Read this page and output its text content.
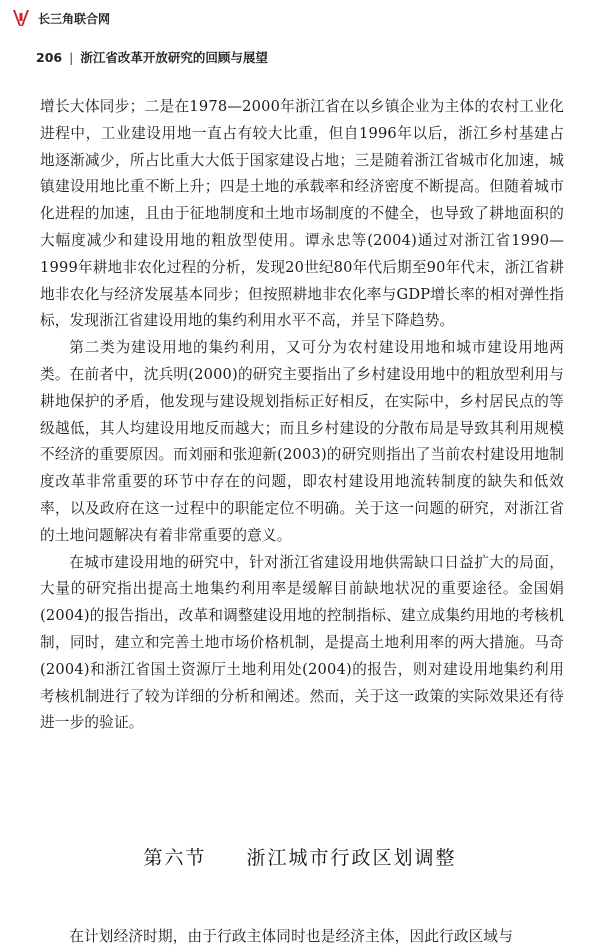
长三角联合网
206 | 浙江省改革开放研究的回顾与展望

增长大体同步；二是在1978—2000年浙江省在以乡镇企业为主体的农村工业化进程中，工业建设用地一直占有较大比重，但自1996年以后，浙江乡村基建占地逐渐减少，所占比重大大低于国家建设占地；三是随着浙江省城市化加速，城镇建设用地比重不断上升；四是土地的承载率和经济密度不断提高。但随着城市化进程的加速，且由于征地制度和土地市场制度的不健全，也导致了耕地面积的大幅度减少和建设用地的粗放型使用。谭永忠等(2004)通过对浙江省1990—1999年耕地非农化过程的分析，发现20世纪80年代后期至90年代末，浙江省耕地非农化与经济发展基本同步；但按照耕地非农化率与GDP增长率的相对弹性指标，发现浙江省建设用地的集约利用水平不高，并呈下降趋势。

第二类为建设用地的集约利用，又可分为农村建设用地和城市建设用地两类。在前者中，沈兵明(2000)的研究主要指出了乡村建设用地中的粗放型利用与耕地保护的矛盾，他发现与建设规划指标正好相反，在实际中，乡村居民点的等级越低，其人均建设用地反而越大；而且乡村建设的分散布局是导致其利用规模不经济的重要原因。而刘丽和张迎新(2003)的研究则指出了当前农村建设用地制度改革非常重要的环节中存在的问题，即农村建设用地流转制度的缺失和低效率，以及政府在这一过程中的职能定位不明确。关于这一问题的研究，对浙江省的土地问题解决有着非常重要的意义。

在城市建设用地的研究中，针对浙江省建设用地供需缺口日益扩大的局面，大量的研究指出提高土地集约利用率是缓解目前缺地状况的重要途径。金国娟(2004)的报告指出，改革和调整建设用地的控制指标、建立成集约用地的考核机制，同时，建立和完善土地市场价格机制，是提高土地利用率的两大措施。马奇(2004)和浙江省国土资源厅土地利用处(2004)的报告，则对建设用地集约利用考核机制进行了较为详细的分析和阐述。然而，关于这一政策的实际效果还有待进一步的验证。

第六节 浙江城市行政区划调整

在计划经济时期，由于行政主体同时也是经济主体，因此行政区域与
